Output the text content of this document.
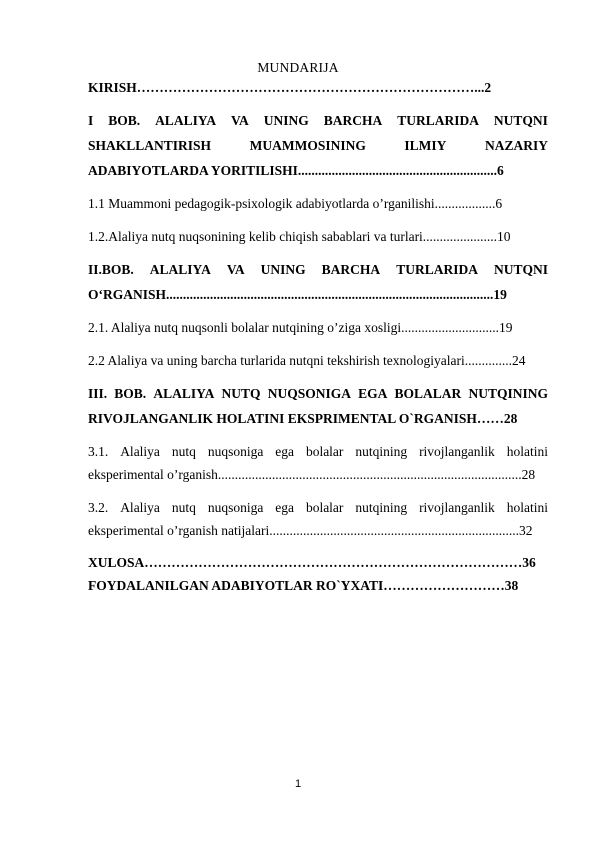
MUNDARIJA
KIRISH…………………………………………………………………...2
I BOB. ALALIYA VA UNING BARCHA TURLARIDA NUTQNI
SHAKLLANTIRISH	MUAMMOSINING	ILMIY	NAZARIY
ADABIYOTLARDA YORITILISHI...........................................................6
1.1 Muammoni pedagogik-psixologik adabiyotlarda o’rganilishi..................6
1.2.Alaliya nutq nuqsonining kelib chiqish sabablari va turlari......................10
II.BOB. ALALIYA VA UNING BARCHA TURLARIDA NUTQNI
O‘RGANISH.................................................................................................19
2.1. Alaliya nutq nuqsonli bolalar nutqining o’ziga xosligi.............................19
2.2 Alaliya va uning barcha turlarida nutqni tekshirish texnologiyalari..............24
III. BOB. ALALIYA NUTQ NUQSONIGA EGA BOLALAR NUTQINING
RIVOJLANGANLIK HOLATINI EKSPRIMENTAL O`RGANISH……28
3.1. Alaliya nutq nuqsoniga ega bolalar nutqining rivojlanganlik holatini
eksperimental o’rganish..........................................................................................28
3.2. Alaliya nutq nuqsoniga ega bolalar nutqining rivojlanganlik holatini
eksperimental o’rganish natijalari..........................................................................32
XULOSA…………………………………………………………………………36
FOYDALANILGAN ADABIYOTLAR RO`YXATI………………………38
1
